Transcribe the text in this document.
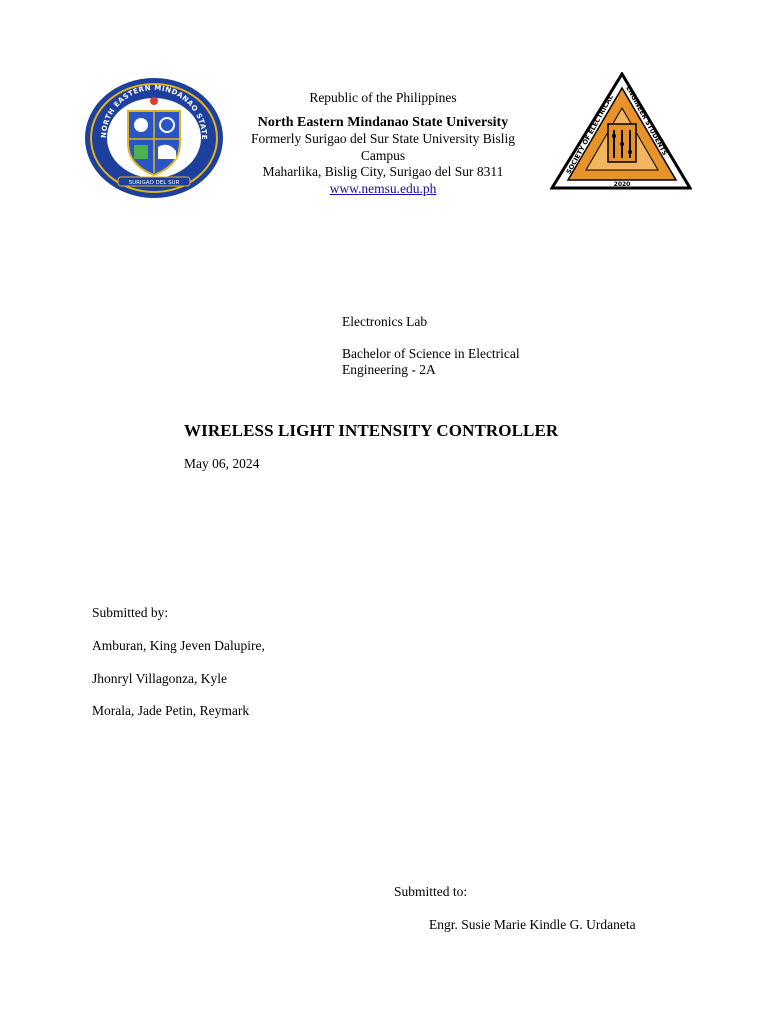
NORTH EASTERN MINDANAO STATE
SURIGAO DEL SUR
Republic of the Philippines
North Eastern Mindanao State University
Formerly Surigao del Sur State University Bislig Campus
Maharlika, Bislig City, Surigao del Sur 8311
www.nemsu.edu.ph
SOCIETY OF ELECTRICAL
ENGINEER STUDENTS
2020
Electronics Lab
Bachelor of Science in Electrical
Engineering - 2A
WIRELESS LIGHT INTENSITY CONTROLLER
May 06, 2024
Submitted by:
Amburan, King Jeven Dalupire,
Jhonryl Villagonza, Kyle
Morala, Jade Petin, Reymark
Submitted to:
Engr. Susie Marie Kindle G. Urdaneta
